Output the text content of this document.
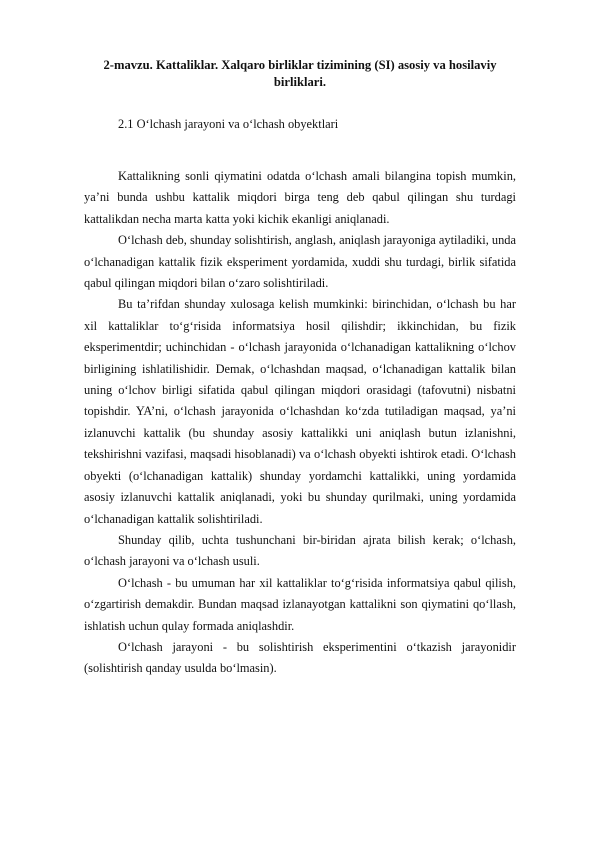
2-mavzu. Kattaliklar. Xalqaro birliklar tizimining (SI) asosiy va hosilaviy birliklari.
2.1 O‘lchash jarayoni va o‘lchash obyektlari

Kattalikning sonli qiymatini odatda o‘lchash amali bilangina topish mumkin, ya’ni bunda ushbu kattalik miqdori birga teng deb qabul qilingan shu turdagi kattalikdan necha marta katta yoki kichik ekanligi aniqlanadi.

O‘lchash deb, shunday solishtirish, anglash, aniqlash jarayoniga aytiladiki, unda o‘lchanadigan kattalik fizik eksperiment yordamida, xuddi shu turdagi, birlik sifatida qabul qilingan miqdori bilan o‘zaro solishtiriladi.

Bu ta’rifdan shunday xulosaga kelish mumkinki: birinchidan, o‘lchash bu har xil kattaliklar to‘g‘risida informatsiya hosil qilishdir; ikkinchidan, bu fizik eksperimentdir; uchinchidan - o‘lchash jarayonida o‘lchanadigan kattalikning o‘lchov birligining ishlatilishidir. Demak, o‘lchashdan maqsad, o‘lchanadigan kattalik bilan uning o‘lchov birligi sifatida qabul qilingan miqdori orasidagi (tafovutni) nisbatni topishdir. YA’ni, o‘lchash jarayonida o‘lchashdan ko‘zda tutiladigan maqsad, ya’ni izlanuvchi kattalik (bu shunday asosiy kattalikki uni aniqlash butun izlanishni, tekshirishni vazifasi, maqsadi hisoblanadi) va o‘lchash obyekti ishtirok etadi. O‘lchash obyekti (o‘lchanadigan kattalik) shunday yordamchi kattalikki, uning yordamida asosiy izlanuvchi kattalik aniqlanadi, yoki bu shunday qurilmaki, uning yordamida o‘lchanadigan kattalik solishtiriladi.

Shunday qilib, uchta tushunchani bir-biridan ajrata bilish kerak; o‘lchash, o‘lchash jarayoni va o‘lchash usuli.

O‘lchash - bu umuman har xil kattaliklar to‘g‘risida informatsiya qabul qilish, o‘zgartirish demakdir. Bundan maqsad izlanayotgan kattalikni son qiymatini qo‘llash, ishlatish uchun qulay formada aniqlashdir.

O‘lchash jarayoni - bu solishtirish eksperimentini o‘tkazish jarayonidir (solishtirish qanday usulda bo‘lmasin).
